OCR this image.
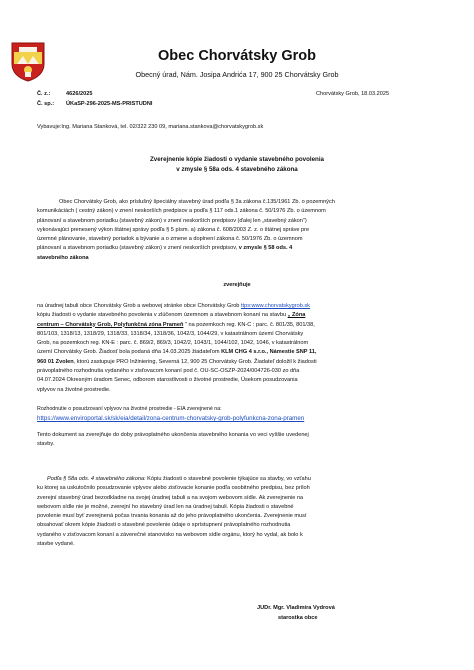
Obec Chorvátsky Grob
Obecný úrad, Nám. Josipa Andrića 17, 900 25 Chorvátsky Grob
Č. z.:	4626/2025
Č. sp.: ÚKaSP-296-2025-MS-PRISTUDNI
Chorvátsky Grob, 18.03.2025
Vybavuje:Ing. Mariana Stanková, tel. 02/322 230 09, mariana.stankova@chorvatskygrob.sk
Zverejnenie kópie žiadosti o vydanie stavebného povolenia
v zmysle § 58a ods. 4 stavebného zákona
Obec Chorvátsky Grob, ako príslušný špeciálny stavebný úrad podľa § 3a zákona č.135/1961 Zb. o pozemných
komunikáciách ( cestný zákon) v znení neskorších predpisov a podľa § 117 ods.1 zákona č. 50/1976 Zb. o územnom
plánovaní a stavebnom poriadku (stavebný zákon) v znení neskorších predpisov (ďalej len „stavebný zákon")
vykonávajúci prenesený výkon štátnej správy podľa § 5 písm. a) zákona č. 608/2003 Z. z. o štátnej správe pre
územné plánovanie, stavebný poriadok a bývanie a o zmene a doplnení zákona č. 50/1976 Zb. o územnom
plánovaní a stavebnom poriadku (stavebný zákon) v znení neskorších predpisov, v zmysle § 58 ods. 4
stavebného zákona
zverejňuje
na úradnej tabuli obce Chorvátsky Grob a webovej stránke obce Chorvátsky Grob ttps:www.chorvatskygrob.sk
kópiu žiadosti o vydanie stavebného povolenia v zlúčenom územnom a stavebnom konaní na stavbu „ Zóna
centrum – Chorvátsky Grob, Polyfunkčná zóna Prameň " na pozemkoch reg. KN-C : parc. č. 801/35, 801/38,
801/103, 1318/13, 1318/29, 1318/33, 1318/34, 1318/36, 1042/3, 1044/29, v katastrálnom území Chorvátsky
Grob, na pozemkoch reg. KN-E : parc. č. 869/2, 869/3, 1042/2, 1043/1, 1044/102, 1042, 1046, v katastrálnom
území Chorvátsky Grob. Žiadosť bola podaná dňa 14.03.2025 žiadateľom KLM CHG 4 s.r.o., Námestie SNP 11,
960 01 Zvolen, ktorú zastupuje PRO Inžiniering, Severná 12, 900 25 Chorvátsky Grob. Žiadateľ doložil k žiadosti
právoplatného rozhodnutia vydaného v zisťovacom konaní pod č. OU-SC-OSZP-2024/004726-030 zo dňa
04.07.2024 Okresným úradom Senec, odborom starostlivosti o životné prostredie, Úsekom posudzovania
vplyvov na životné prostredie.
Rozhodnutie o posudzovaní vplyvov na životné prostredie - EIA zverejnené na:
https://www.enviroportal.sk/sk/eia/detail/zona-centrum-chorvatsky-grob-polyfunkcna-zona-pramen
Tento dokument sa zverejňuje do doby právoplatného ukončenia stavebného konania vo veci vyššie uvedenej
stavby.
Podľa § 58a ods. 4 stavebného zákona: Kópiu žiadosti o stavebné povolenie týkajúce sa stavby, vo vzťahu
ku ktorej sa uskutočnilo posudzovanie vplyvov alebo zisťovacie konanie podľa osobitného predpisu, bez príloh
zverejní stavebný úrad bezodkladne na svojej úradnej tabuli a na svojom webovom sídle. Ak zverejnenie na
webovom sídle nie je možné, zverejní ho stavebný úrad len na úradnej tabuli. Kópia žiadosti o stavebné
povolenie musí byť zverejnená počas trvania konania až do jeho právoplatného ukončenia. Zverejnenie musí
obsahovať okrem kópie žiadosti o stavebné povolenie údaje o sprístupnení právoplatného rozhodnutia
vydaného v zisťovacom konaní a záverečné stanovisko na webovom sídle orgánu, ktorý ho vydal, ak bolo k
stavbe vydané.
JUDr. Mgr. Vladimíra Vydrová
starostka obce
